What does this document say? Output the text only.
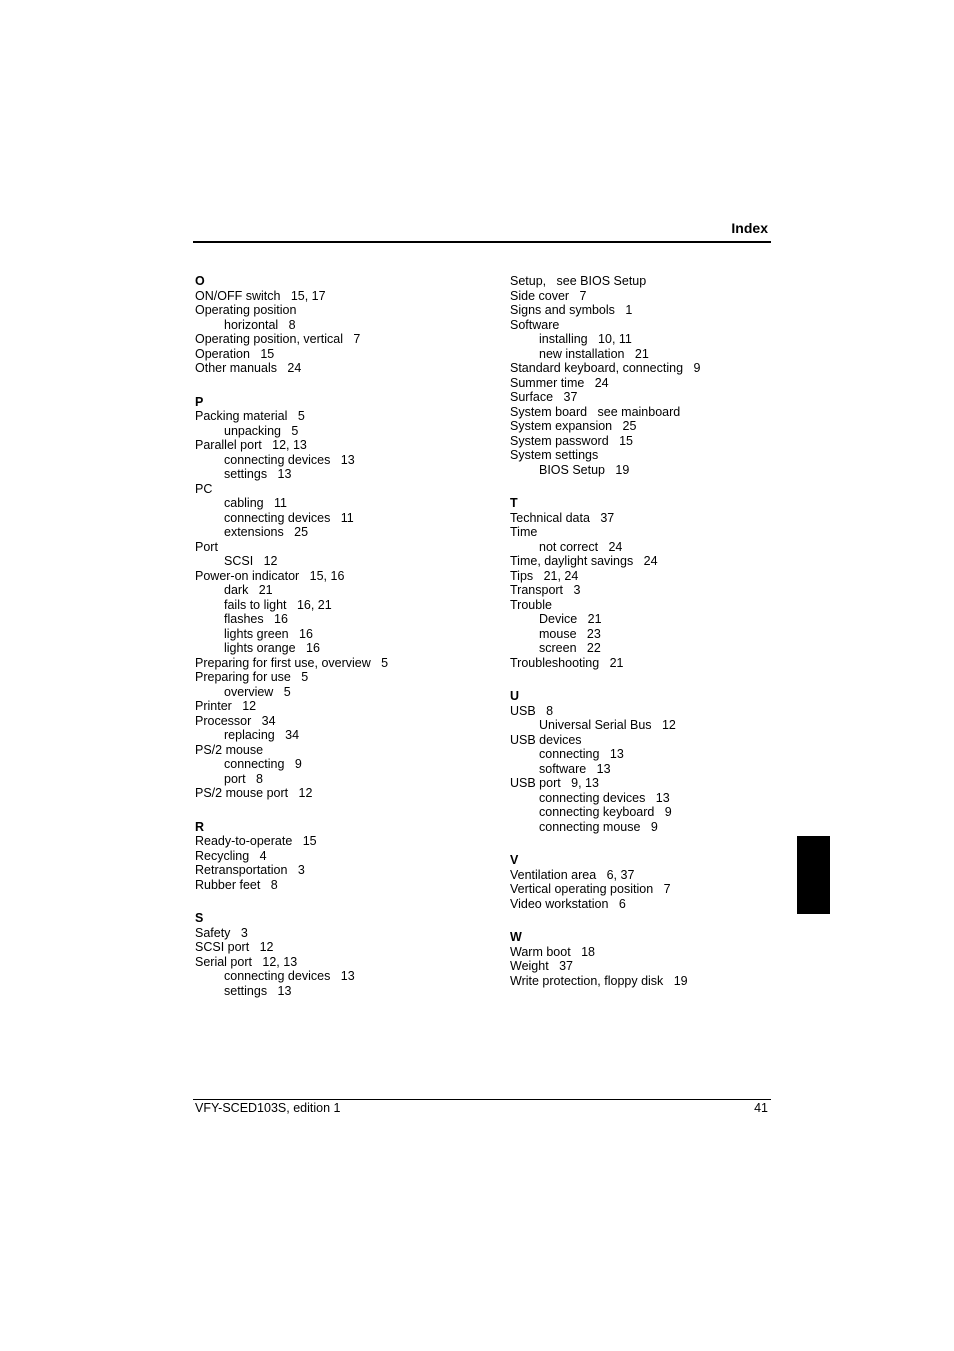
Index
O
ON/OFF switch   15, 17
Operating position
horizontal   8
Operating position, vertical   7
Operation   15
Other manuals   24
P
Packing material   5
unpacking   5
Parallel port   12, 13
connecting devices   13
settings   13
PC
cabling   11
connecting devices   11
extensions   25
Port
SCSI   12
Power-on indicator   15, 16
dark   21
fails to light   16, 21
flashes   16
lights green   16
lights orange   16
Preparing for first use, overview   5
Preparing for use   5
overview   5
Printer   12
Processor   34
replacing   34
PS/2 mouse
connecting   9
port   8
PS/2 mouse port   12
R
Ready-to-operate   15
Recycling   4
Retransportation   3
Rubber feet   8
S
Safety   3
SCSI port   12
Serial port   12, 13
connecting devices   13
settings   13
Setup,   see BIOS Setup
Side cover   7
Signs and symbols   1
Software
installing   10, 11
new installation   21
Standard keyboard, connecting   9
Summer time   24
Surface   37
System board   see mainboard
System expansion   25
System password   15
System settings
BIOS Setup   19
T
Technical data   37
Time
not correct   24
Time, daylight savings   24
Tips   21, 24
Transport   3
Trouble
Device   21
mouse   23
screen   22
Troubleshooting   21
U
USB   8
Universal Serial Bus   12
USB devices
connecting   13
software   13
USB port   9, 13
connecting devices   13
connecting keyboard   9
connecting mouse   9
V
Ventilation area   6, 37
Vertical operating position   7
Video workstation   6
W
Warm boot   18
Weight   37
Write protection, floppy disk   19
VFY-SCED103S, edition 1	41
